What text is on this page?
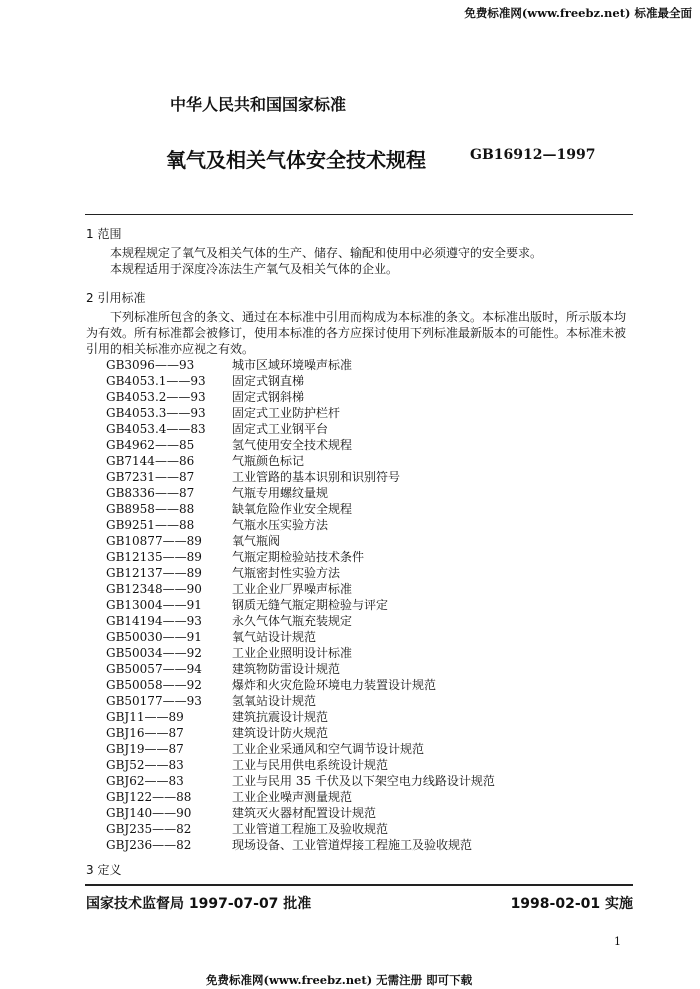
免费标准网(www.freebz.net) 标准最全面
中华人民共和国国家标准
氧气及相关气体安全技术规程	GB16912—1997
1 范围

本规程规定了氧气及相关气体的生产、储存、输配和使用中必须遵守的安全要求。

本规程适用于深度冷冻法生产氧气及相关气体的企业。

2 引用标准

下列标准所包含的条文、通过在本标准中引用而构成为本标准的条文。本标准出版时，所示版本均为有效。所有标准都会被修订，使用本标准的各方应探讨使用下列标准最新版本的可能性。本标准未被引用的相关标准亦应视之有效。

GB3096——93	城市区域环境噪声标准
GB4053.1——93	固定式钢直梯
GB4053.2——93	固定式钢斜梯
GB4053.3——93	固定式工业防护栏杆
GB4053.4——83	固定式工业钢平台
GB4962——85	氢气使用安全技术规程
GB7144——86	气瓶颜色标记
GB7231——87	工业管路的基本识别和识别符号
GB8336——87	气瓶专用螺纹量规
GB8958——88	缺氧危险作业安全规程
GB9251——88	气瓶水压实验方法
GB10877——89	氧气瓶阀
GB12135——89	气瓶定期检验站技术条件
GB12137——89	气瓶密封性实验方法
GB12348——90	工业企业厂界噪声标准
GB13004——91	钢质无缝气瓶定期检验与评定
GB14194——93	永久气体气瓶充装规定
GB50030——91	氧气站设计规范
GB50034——92	工业企业照明设计标准
GB50057——94	建筑物防雷设计规范
GB50058——92	爆炸和火灾危险环境电力装置设计规范
GB50177——93	氢氧站设计规范
GBJ11——89	建筑抗震设计规范
GBJ16——87	建筑设计防火规范
GBJ19——87	工业企业采通风和空气调节设计规范
GBJ52——83	工业与民用供电系统设计规范
GBJ62——83	工业与民用 35 千伏及以下架空电力线路设计规范
GBJ122——88	工业企业噪声测量规范
GBJ140——90	建筑灭火器材配置设计规范
GBJ235——82	工业管道工程施工及验收规范
GBJ236——82	现场设备、工业管道焊接工程施工及验收规范
3 定义
国家技术监督局 1997-07-07 批准	1998-02-01 实施
1
免费标准网(www.freebz.net) 无需注册 即可下载
